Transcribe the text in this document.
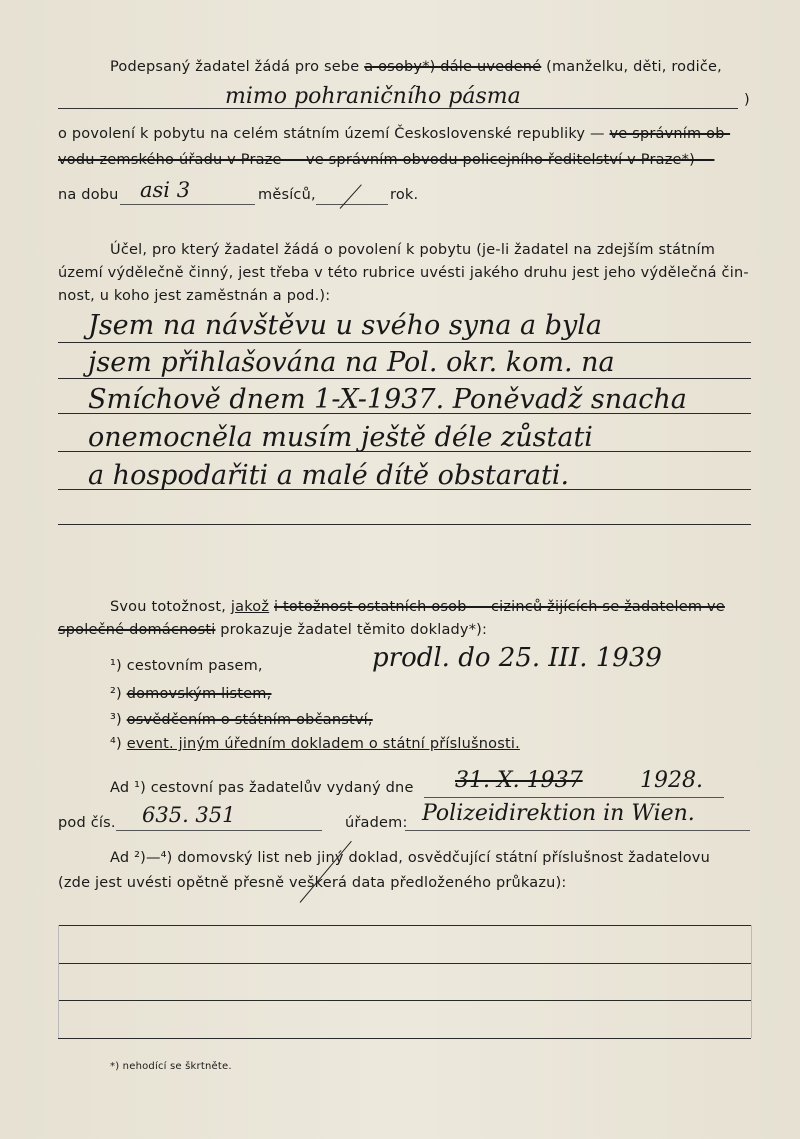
Podepsaný žadatel žádá pro sebe a osoby*) dále uvedené (manželku, děti, rodiče,
mimo pohraničního pásma	)
o povolení k pobytu na celém státním území Československé republiky — ve správním ob-
vodu zemského úřadu v Praze — ve správním obvodu policejního ředitelství v Praze*) —
na dobu asi 3	měsíců,	rok.
Účel, pro který žadatel žádá o povolení k pobytu (je-li žadatel na zdejším státním
území výdělečně činný, jest třeba v této rubrice uvésti jakého druhu jest jeho výdělečná čin-
nost, u koho jest zaměstnán a pod.):
Jsem na návštěvu u svého syna a byla
jsem přihlašována na Pol. okr. kom. na
Smíchově dnem 1-X-1937. Poněvadž snacha
onemocněla musím ještě déle zůstati
a hospodařiti a malé dítě obstarati.
Svou totožnost, jakož i totožnost ostatních osob — cizinců žijících se žadatelem ve
společné domácnosti prokazuje žadatel těmito doklady*):
¹) cestovním pasem,
²) domovským listem,
³) osvědčením o státním občanství,
⁴) event. jiným úředním dokladem o státní příslušnosti.
prodl. do 25. III. 1939
Ad ¹) cestovní pas žadatelův vydaný dne 31. X. 1937	1928.
pod čís. 635. 351	úřadem: Polizeidirektion in Wien.
Ad ²)—⁴) domovský list neb jiný doklad, osvědčující státní příslušnost žadatelovu
(zde jest uvésti opětně přesně veškerá data předloženého průkazu):
*) nehodící se škrtněte.
